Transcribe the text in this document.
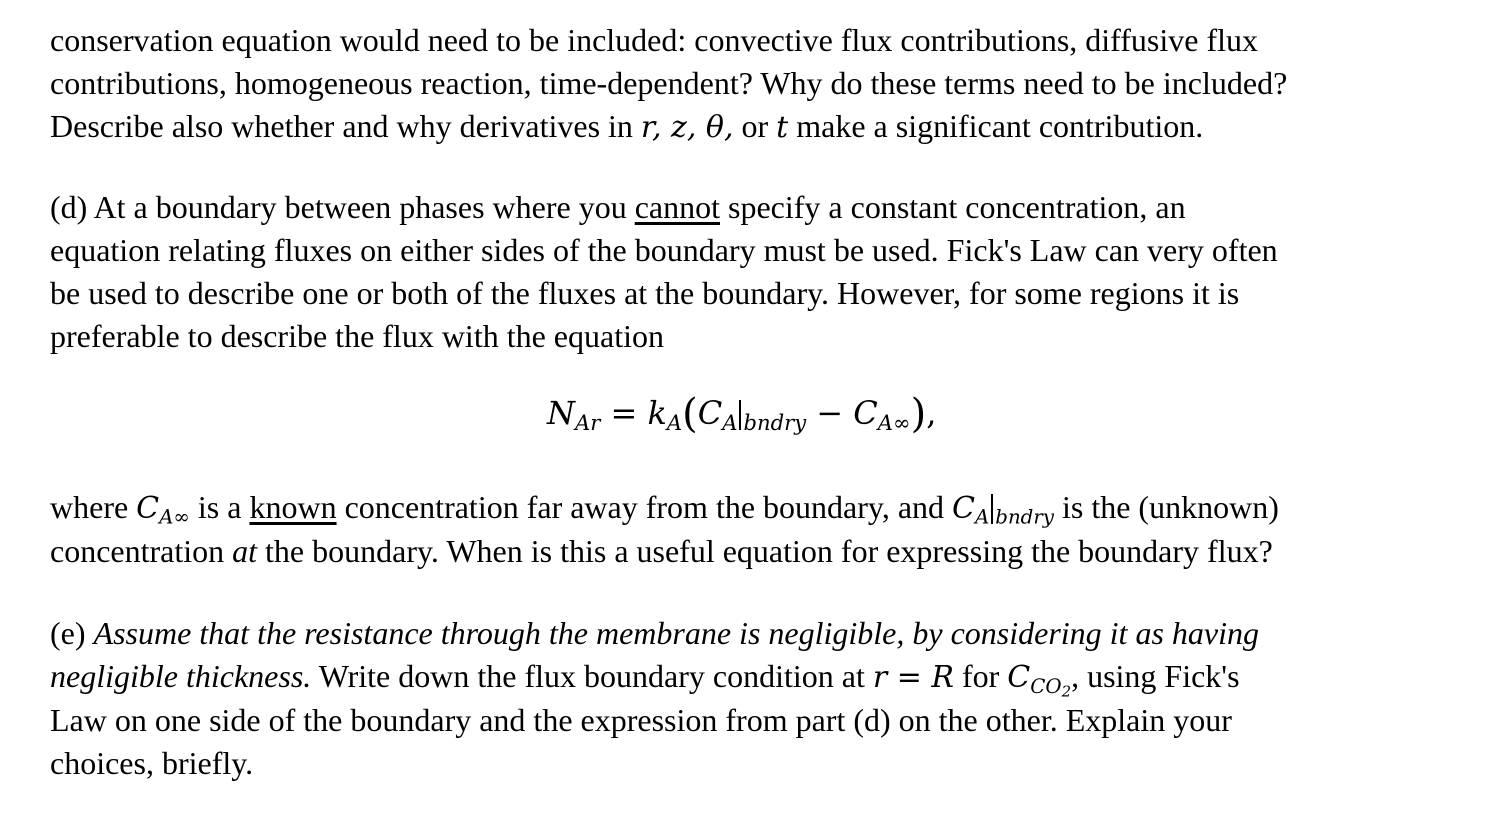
conservation equation would need to be included: convective flux contributions, diffusive flux

contributions, homogeneous reaction, time-dependent? Why do these terms need to be included?

Describe also whether and why derivatives in r, z, θ, or t make a significant contribution.

(d) At a boundary between phases where you cannot specify a constant concentration, an

equation relating fluxes on either sides of the boundary must be used. Fick's Law can very often

be used to describe one or both of the fluxes at the boundary. However, for some regions it is

preferable to describe the flux with the equation

$N_{Ar} = k_A(C_A$ $_{bndry} - C_{A\infty}$),

where $C_{A\infty}$ is a known concentration far away from the boundary, and $C_A$ $_{bndry}$ is the (unknown)

concentration at the boundary. When is this a useful equation for expressing the boundary flux?

(e) Assume that the resistance through the membrane is negligible, by considering it as having

negligible thickness. Write down the flux boundary condition at r = R for $C_{CO2}$, using Fick's

Law on one side of the boundary and the expression from part (d) on the other. Explain your

choices, briefly.
